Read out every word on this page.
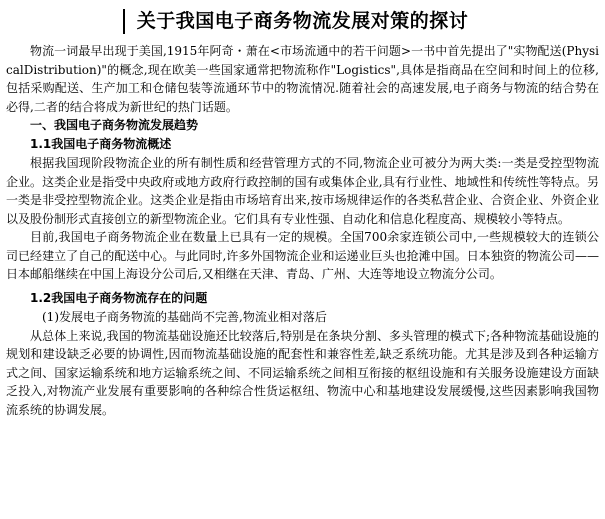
关于我国电子商务物流发展对策的探讨

物流一词最早出现于美国,1915年阿奇・萧在<市场流通中的若干问题>一书中首先提出了"实物配送(PhysicalDistribution)"的概念,现在欧美一些国家通常把物流称作"Logistics",具体是指商品在空间和时间上的位移,包括采购配送、生产加工和仓储包装等流通环节中的物流情况.随着社会的高速发展,电子商务与物流的结合势在必得,二者的结合将成为新世纪的热门话题。

一、我国电子商务物流发展趋势

1.1我国电子商务物流概述

根据我国现阶段物流企业的所有制性质和经营管理方式的不同,物流企业可被分为两大类:一类是受控型物流企业。这类企业是指受中央政府或地方政府行政控制的国有或集体企业,具有行业性、地域性和传统性等特点。另一类是非受控型物流企业。这类企业是指由市场培育出来,按市场规律运作的各类私营企业、合资企业、外资企业以及股份制形式直接创立的新型物流企业。它们具有专业性强、自动化和信息化程度高、规模较小等特点。

目前,我国电子商务物流企业在数量上已具有一定的规模。全国700余家连锁公司中,一些规模较大的连锁公司已经建立了自己的配送中心。与此同时,许多外国物流企业和运递业巨头也抢滩中国。日本独资的物流公司——日本邮船继续在中国上海设分公司后,又相继在天津、青岛、广州、大连等地设立物流分公司。

1.2我国电子商务物流存在的问题

(1)发展电子商务物流的基础尚不完善,物流业相对落后

从总体上来说,我国的物流基础设施还比较落后,特别是在条块分割、多头管理的模式下;各种物流基础设施的规划和建设缺乏必要的协调性,因而物流基础设施的配套性和兼容性差,缺乏系统功能。尤其是涉及到各种运输方式之间、国家运输系统和地方运输系统之间、不同运输系统之间相互衔接的枢纽设施和有关服务设施建设方面缺乏投入,对物流产业发展有重要影响的各种综合性货运枢纽、物流中心和基地建设发展缓慢,这些因素影响我国物流系统的协调发展。
